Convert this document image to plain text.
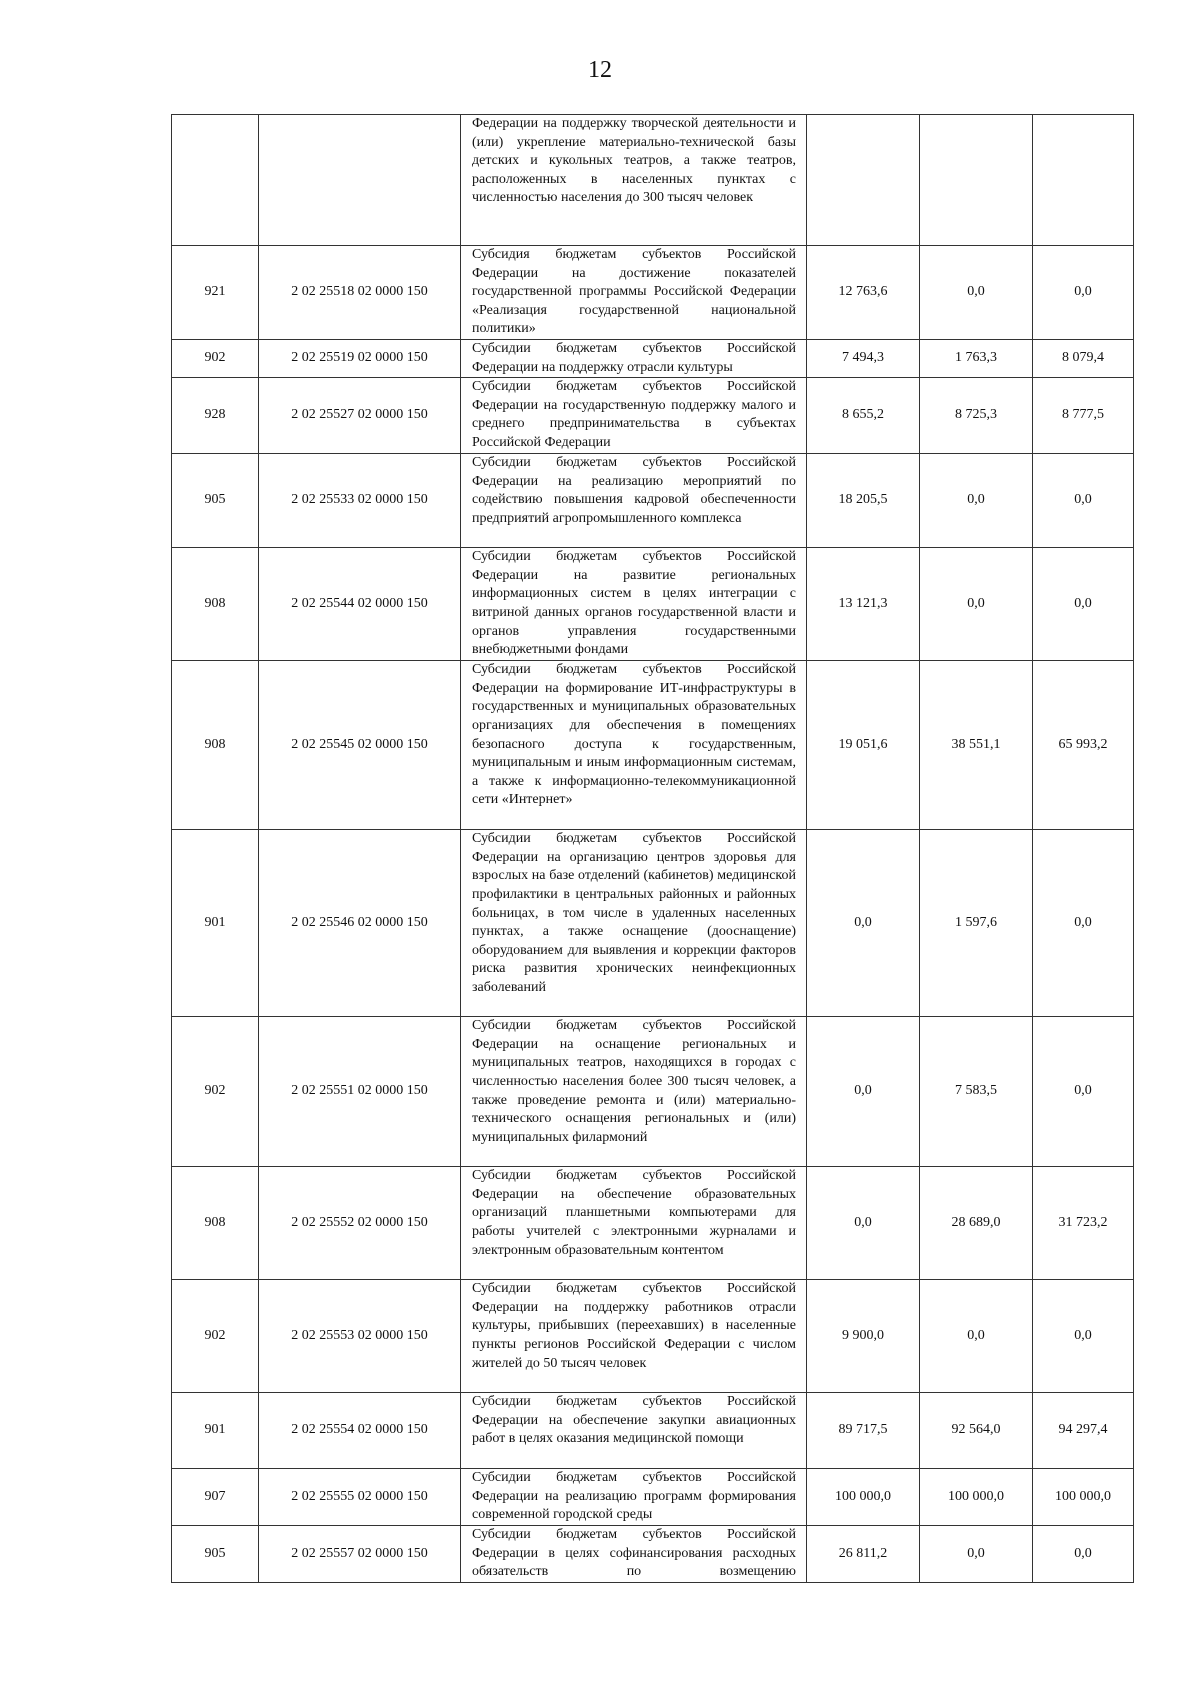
12

		Федерации на поддержку творческой деятельности и (или) укрепление материально-технической базы детских и кукольных театров, а также театров, расположенных в населенных пунктах с численностью населения до 300 тысяч человек			

921	2 02 25518 02 0000 150	Субсидия бюджетам субъектов Российской Федерации на достижение показателей государственной программы Российской Федерации «Реализация государственной национальной политики»	12 763,6	0,0	0,0
902	2 02 25519 02 0000 150	Субсидии бюджетам субъектов Российской Федерации на поддержку отрасли культуры	7 494,3	1 763,3	8 079,4
928	2 02 25527 02 0000 150	Субсидии бюджетам субъектов Российской Федерации на государственную поддержку малого и среднего предпринимательства в субъектах Российской Федерации	8 655,2	8 725,3	8 777,5
905	2 02 25533 02 0000 150	Субсидии бюджетам субъектов Российской Федерации на реализацию мероприятий по содействию повышения кадровой обеспеченности предприятий агропромышленного комплекса	18 205,5	0,0	0,0
908	2 02 25544 02 0000 150	Субсидии бюджетам субъектов Российской Федерации на развитие региональных информационных систем в целях интеграции с витриной данных органов государственной власти и органов управления государственными внебюджетными фондами	13 121,3	0,0	0,0
908	2 02 25545 02 0000 150	Субсидии бюджетам субъектов Российской Федерации на формирование ИТ-инфраструктуры в государственных и муниципальных образовательных организациях для обеспечения в помещениях безопасного доступа к государственным, муниципальным и иным информационным системам, а также к информационно-телекоммуникационной сети «Интернет»	19 051,6	38 551,1	65 993,2
901	2 02 25546 02 0000 150	Субсидии бюджетам субъектов Российской Федерации на организацию центров здоровья для взрослых на базе отделений (кабинетов) медицинской профилактики в центральных районных и районных больницах, в том числе в удаленных населенных пунктах, а также оснащение (дооснащение) оборудованием для выявления и коррекции факторов риска развития хронических неинфекционных заболеваний	0,0	1 597,6	0,0
902	2 02 25551 02 0000 150	Субсидии бюджетам субъектов Российской Федерации на оснащение региональных и муниципальных театров, находящихся в городах с численностью населения более 300 тысяч человек, а также проведение ремонта и (или) материально-технического оснащения региональных и (или) муниципальных филармоний	0,0	7 583,5	0,0
908	2 02 25552 02 0000 150	Субсидии бюджетам субъектов Российской Федерации на обеспечение образовательных организаций планшетными компьютерами для работы учителей с электронными журналами и электронным образовательным контентом	0,0	28 689,0	31 723,2
902	2 02 25553 02 0000 150	Субсидии бюджетам субъектов Российской Федерации на поддержку работников отрасли культуры, прибывших (переехавших) в населенные пункты регионов Российской Федерации с числом жителей до 50 тысяч человек	9 900,0	0,0	0,0
901	2 02 25554 02 0000 150	Субсидии бюджетам субъектов Российской Федерации на обеспечение закупки авиационных работ в целях оказания медицинской помощи	89 717,5	92 564,0	94 297,4
907	2 02 25555 02 0000 150	Субсидии бюджетам субъектов Российской Федерации на реализацию программ формирования современной городской среды	100 000,0	100 000,0	100 000,0
905	2 02 25557 02 0000 150	Субсидии бюджетам субъектов Российской Федерации в целях софинансирования расходных обязательств по возмещению	26 811,2	0,0	0,0
